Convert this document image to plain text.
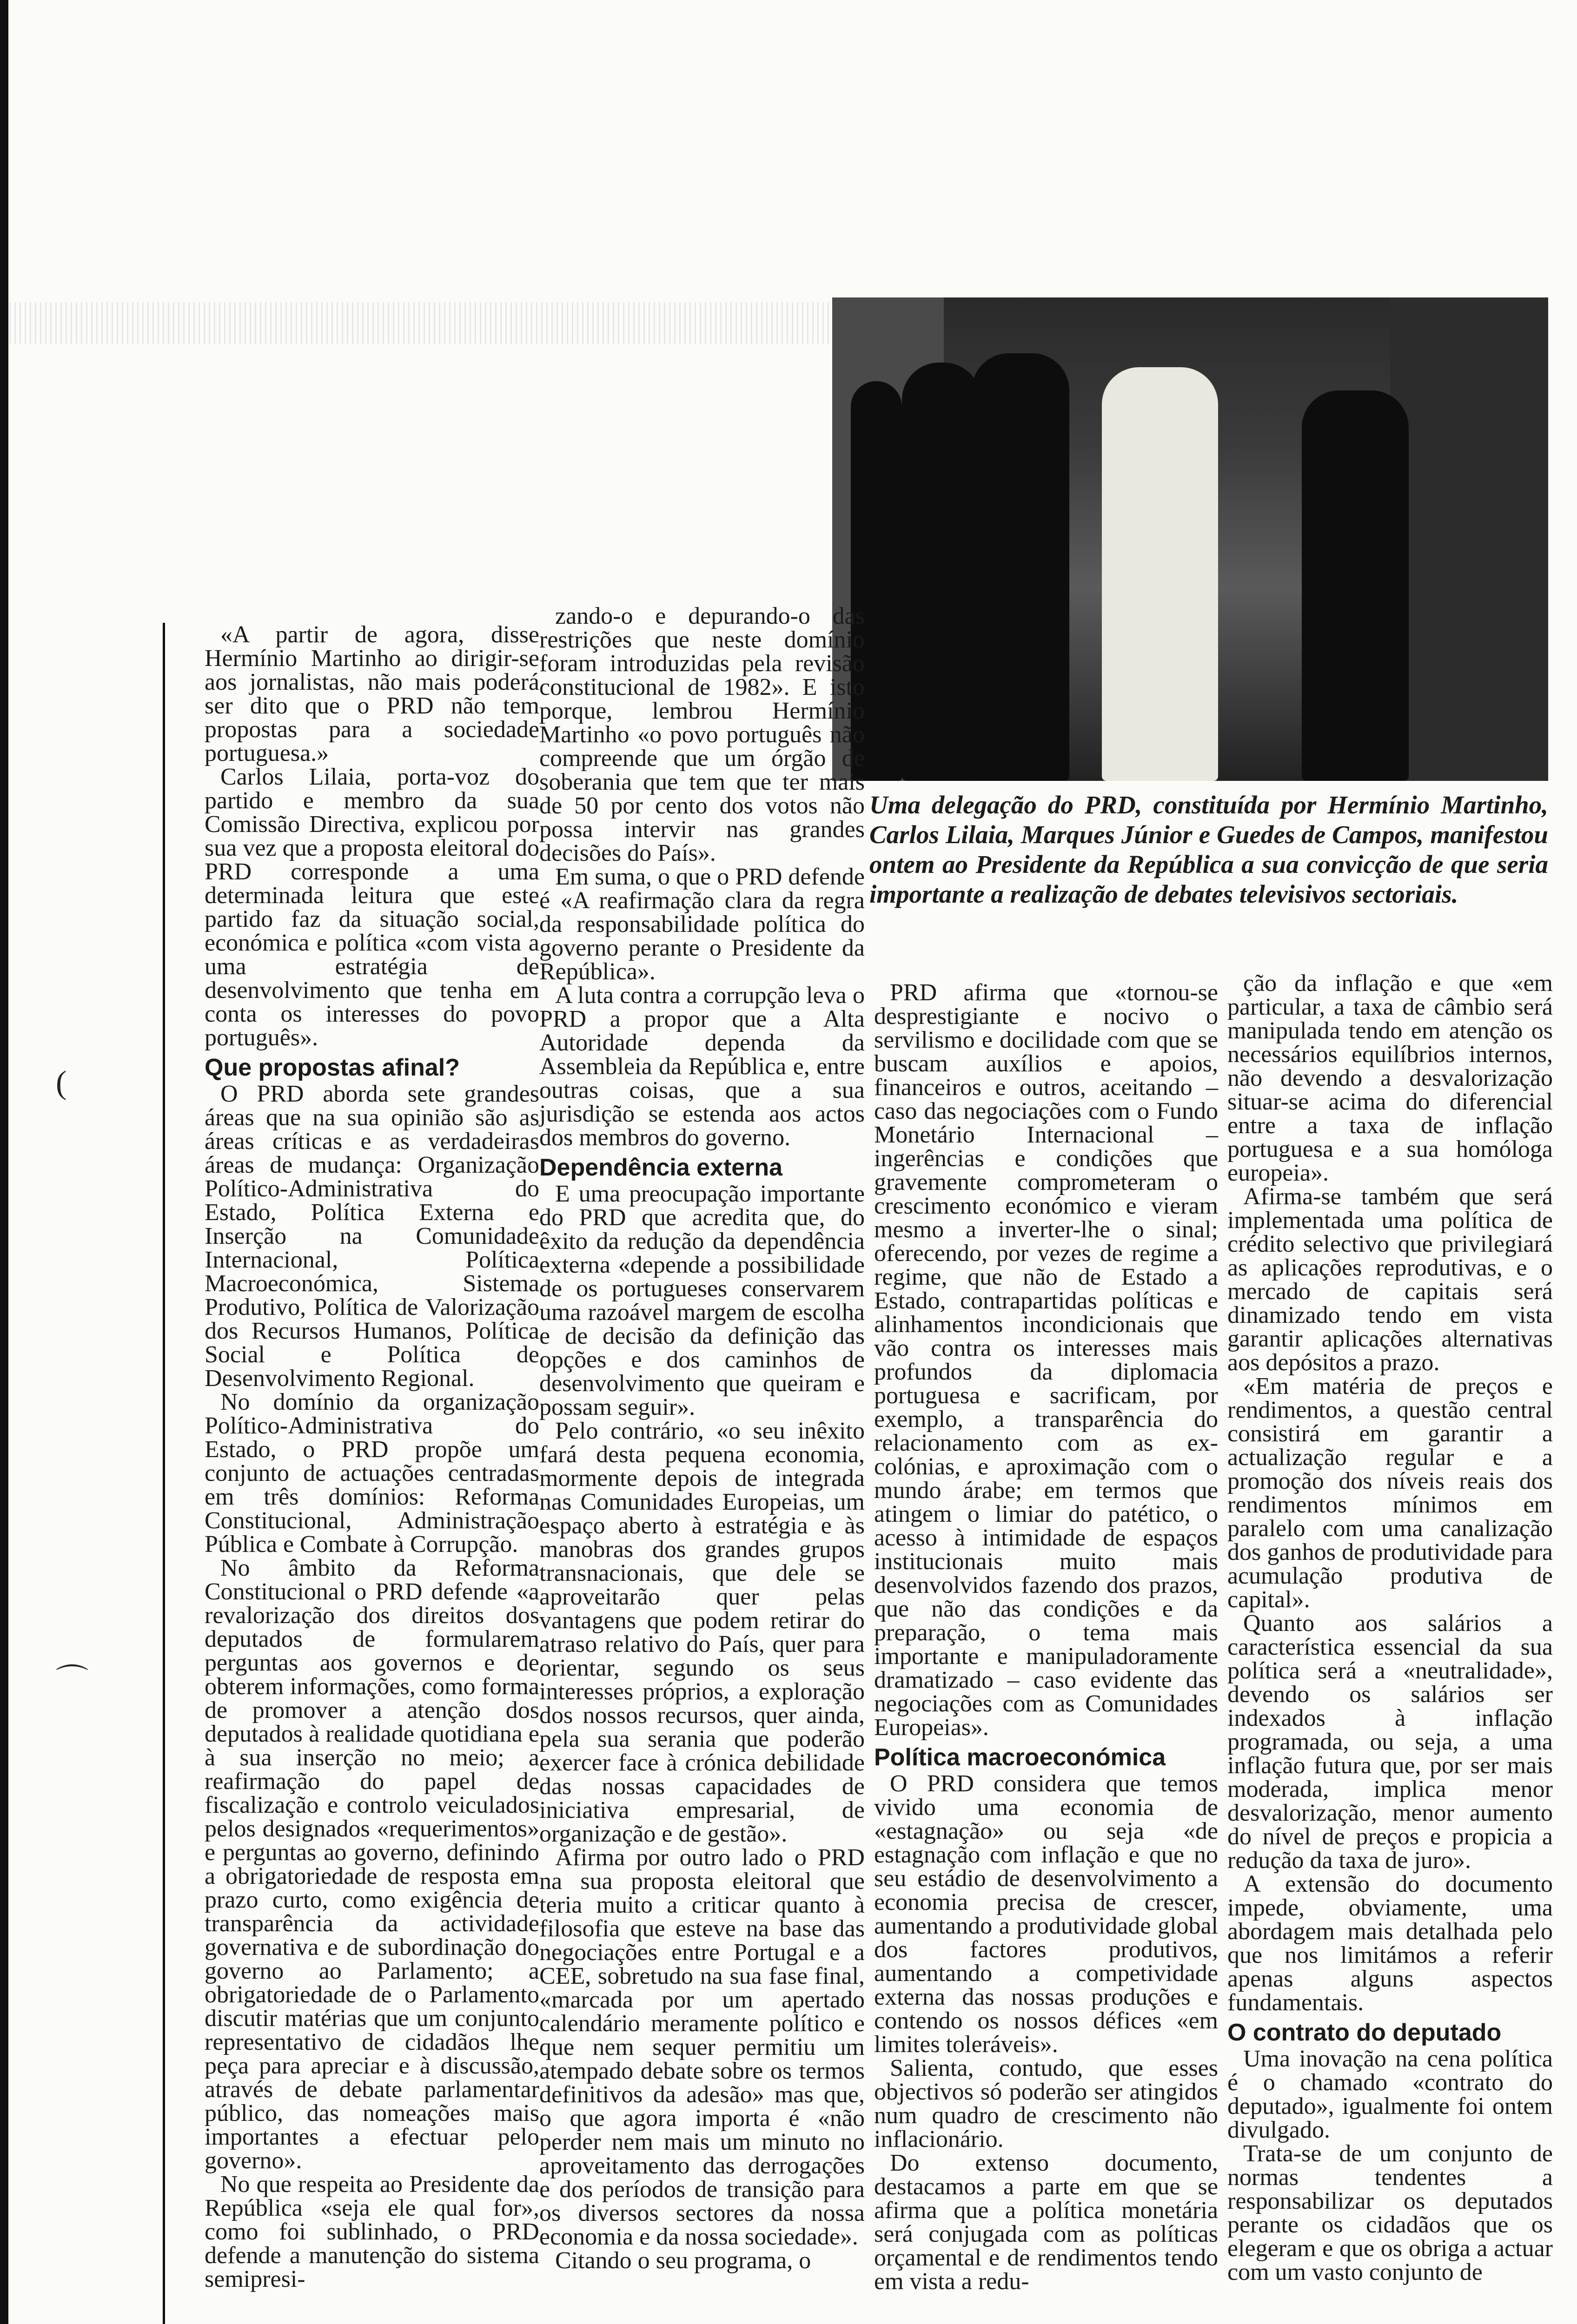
Uma delegação do PRD, constituída por Hermínio Martinho, Carlos Lilaia, Marques Júnior e Guedes de Campos, manifestou ontem ao Presidente da República a sua convicção de que seria importante a realização de debates televisivos sectoriais.

«A partir de agora, disse Hermínio Martinho ao dirigir-se aos jornalistas, não mais poderá ser dito que o PRD não tem propostas para a sociedade portuguesa.»

Carlos Lilaia, porta-voz do partido e membro da sua Comissão Directiva, explicou por sua vez que a proposta eleitoral do PRD corresponde a uma determinada leitura que este partido faz da situação social, económica e política «com vista a uma estratégia de desenvolvimento que tenha em conta os interesses do povo português».

Que propostas afinal?

O PRD aborda sete grandes áreas que na sua opinião são as áreas críticas e as verdadeiras áreas de mudança: Organização Político-Administrativa do Estado, Política Externa e Inserção na Comunidade Internacional, Política Macroeconómica, Sistema Produtivo, Política de Valorização dos Recursos Humanos, Política Social e Política de Desenvolvimento Regional.

No domínio da organização Político-Administrativa do Estado, o PRD propõe um conjunto de actuações centradas em três domínios: Reforma Constitucional, Administração Pública e Combate à Corrupção.

No âmbito da Reforma Constitucional o PRD defende «a revalorização dos direitos dos deputados de formularem perguntas aos governos e de obterem informações, como forma de promover a atenção dos deputados à realidade quotidiana e à sua inserção no meio; a reafirmação do papel de fiscalização e controlo veiculados pelos designados «requerimentos» e perguntas ao governo, definindo a obrigatoriedade de resposta em prazo curto, como exigência de transparência da actividade governativa e de subordinação do governo ao Parlamento; a obrigatoriedade de o Parlamento discutir matérias que um conjunto representativo de cidadãos lhe peça para apreciar e à discussão, através de debate parlamentar público, das nomeações mais importantes a efectuar pelo governo».

No que respeita ao Presidente da República «seja ele qual for», como foi sublinhado, o PRD defende a manutenção do sistema semipresi-

zando-o e depurando-o das restrições que neste domínio foram introduzidas pela revisão constitucional de 1982». E isto porque, lembrou Hermínio Martinho «o povo português não compreende que um órgão de soberania que tem que ter mais de 50 por cento dos votos não possa intervir nas grandes decisões do País».

Em suma, o que o PRD defende é «A reafirmação clara da regra da responsabilidade política do governo perante o Presidente da República».

A luta contra a corrupção leva o PRD a propor que a Alta Autoridade dependa da Assembleia da República e, entre outras coisas, que a sua jurisdição se estenda aos actos dos membros do governo.

Dependência externa

E uma preocupação importante do PRD que acredita que, do êxito da redução da dependência externa «depende a possibilidade de os portugueses conservarem uma razoável margem de escolha e de decisão da definição das opções e dos caminhos de desenvolvimento que queiram e possam seguir».

Pelo contrário, «o seu inêxito fará desta pequena economia, mormente depois de integrada nas Comunidades Europeias, um espaço aberto à estratégia e às manobras dos grandes grupos transnacionais, que dele se aproveitarão quer pelas vantagens que podem retirar do atraso relativo do País, quer para orientar, segundo os seus interesses próprios, a exploração dos nossos recursos, quer ainda, pela sua serania que poderão exercer face à crónica debilidade das nossas capacidades de iniciativa empresarial, de organização e de gestão».

Afirma por outro lado o PRD na sua proposta eleitoral que teria muito a criticar quanto à filosofia que esteve na base das negociações entre Portugal e a CEE, sobretudo na sua fase final, «marcada por um apertado calendário meramente político e que nem sequer permitiu um atempado debate sobre os termos definitivos da adesão» mas que, o que agora importa é «não perder nem mais um minuto no aproveitamento das derrogações e dos períodos de transição para os diversos sectores da nossa economia e da nossa sociedade».

Citando o seu programa, o

PRD afirma que «tornou-se desprestigiante e nocivo o servilismo e docilidade com que se buscam auxílios e apoios, financeiros e outros, aceitando – caso das negociações com o Fundo Monetário Internacional – ingerências e condições que gravemente comprometeram o crescimento económico e vieram mesmo a inverter-lhe o sinal; oferecendo, por vezes de regime a regime, que não de Estado a Estado, contrapartidas políticas e alinhamentos incondicionais que vão contra os interesses mais profundos da diplomacia portuguesa e sacrificam, por exemplo, a transparência do relacionamento com as ex-colónias, e aproximação com o mundo árabe; em termos que atingem o limiar do patético, o acesso à intimidade de espaços institucionais muito mais desenvolvidos fazendo dos prazos, que não das condições e da preparação, o tema mais importante e manipuladoramente dramatizado – caso evidente das negociações com as Comunidades Europeias».

Política macroeconómica

O PRD considera que temos vivido uma economia de «estagnação» ou seja «de estagnação com inflação e que no seu estádio de desenvolvimento a economia precisa de crescer, aumentando a produtividade global dos factores produtivos, aumentando a competividade externa das nossas produções e contendo os nossos défices «em limites toleráveis».

Salienta, contudo, que esses objectivos só poderão ser atingidos num quadro de crescimento não inflacionário.

Do extenso documento, destacamos a parte em que se afirma que a política monetária será conjugada com as políticas orçamental e de rendimentos tendo em vista a redu-

ção da inflação e que «em particular, a taxa de câmbio será manipulada tendo em atenção os necessários equilíbrios internos, não devendo a desvalorização situar-se acima do diferencial entre a taxa de inflação portuguesa e a sua homóloga europeia».

Afirma-se também que será implementada uma política de crédito selectivo que privilegiará as aplicações reprodutivas, e o mercado de capitais será dinamizado tendo em vista garantir aplicações alternativas aos depósitos a prazo.

«Em matéria de preços e rendimentos, a questão central consistirá em garantir a actualização regular e a promoção dos níveis reais dos rendimentos mínimos em paralelo com uma canalização dos ganhos de produtividade para acumulação produtiva de capital».

Quanto aos salários a característica essencial da sua política será a «neutralidade», devendo os salários ser indexados à inflação programada, ou seja, a uma inflação futura que, por ser mais moderada, implica menor desvalorização, menor aumento do nível de preços e propicia a redução da taxa de juro».

A extensão do documento impede, obviamente, uma abordagem mais detalhada pelo que nos limitámos a referir apenas alguns aspectos fundamentais.

O contrato do deputado

Uma inovação na cena política é o chamado «contrato do deputado», igualmente foi ontem divulgado.

Trata-se de um conjunto de normas tendentes a responsabilizar os deputados perante os cidadãos que os elegeram e que os obriga a actuar com um vasto conjunto de

(
⌒
